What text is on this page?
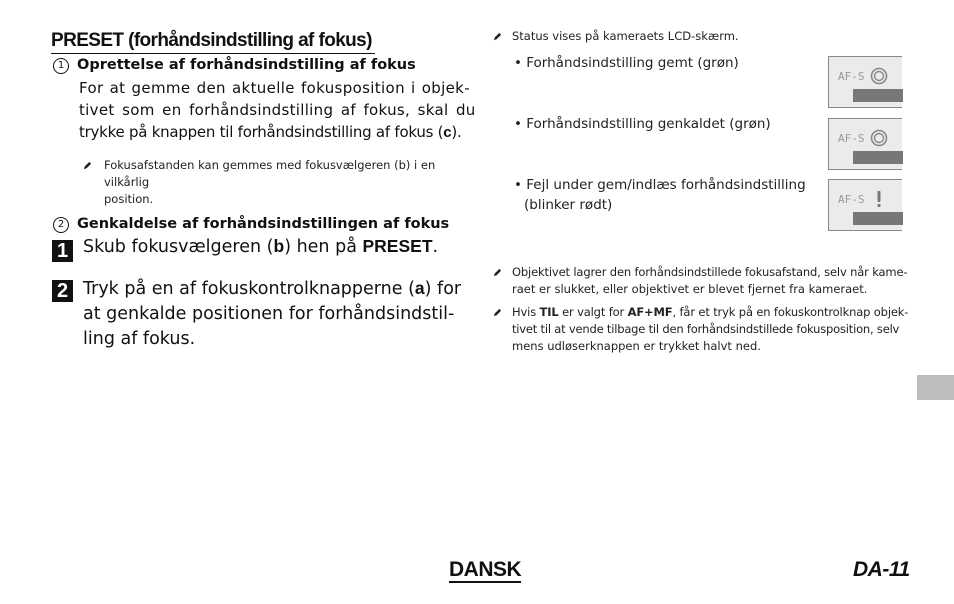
PRESET (forhåndsindstilling af fokus)
1 Oprettelse af forhåndsindstilling af fokus
For at gemme den aktuelle fokusposition i objek-
tivet som en forhåndsindstilling af fokus, skal du
trykke på knappen til forhåndsindstilling af fokus (c).
Fokusafstanden kan gemmes med fokusvælgeren (b) i en vilkårlig
position.
2 Genkaldelse af forhåndsindstillingen af fokus
1 Skub fokusvælgeren (b) hen på PRESET.
2 Tryk på en af fokuskontrolknapperne (a) for
at genkalde positionen for forhåndsindstil-
ling af fokus.
Status vises på kameraets LCD-skærm.
• Forhåndsindstilling gemt (grøn)
AF-S
• Forhåndsindstilling genkaldet (grøn)
AF-S
• Fejl under gem/indlæs forhåndsindstilling
(blinker rødt)	AF-S
Objektivet lagrer den forhåndsindstillede fokusafstand, selv når kame-
raet er slukket, eller objektivet er blevet fjernet fra kameraet.
Hvis TIL er valgt for AF+MF, får et tryk på en fokuskontrolknap objek-
tivet til at vende tilbage til den forhåndsindstillede fokusposition, selv
mens udløserknappen er trykket halvt ned.
DANSK	DA-11
